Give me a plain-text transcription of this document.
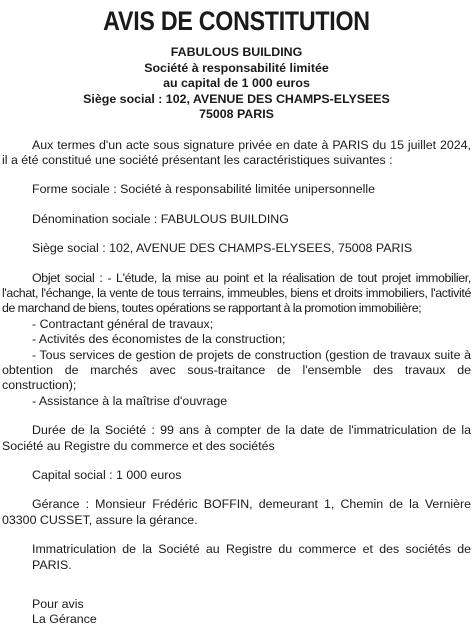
AVIS DE CONSTITUTION
FABULOUS BUILDING
Société à responsabilité limitée
au capital de 1 000 euros
Siège social : 102, AVENUE DES CHAMPS-ELYSEES
75008 PARIS

Aux termes d'un acte sous signature privée en date à PARIS du 15 juillet 2024, il a été constitué une société présentant les caractéristiques suivantes :

Forme sociale : Société à responsabilité limitée unipersonnelle

Dénomination sociale : FABULOUS BUILDING

Siège social : 102, AVENUE DES CHAMPS-ELYSEES, 75008 PARIS

Objet social : - L'étude, la mise au point et la réalisation de tout projet immobilier, l'achat, l'échange, la vente de tous terrains, immeubles, biens et droits immobiliers, l'activité de marchand de biens, toutes opérations se rapportant à la promotion immobilière;

- Contractant général de travaux;
- Activités des économistes de la construction;
- Tous services de gestion de projets de construction (gestion de travaux suite à obtention de marchés avec sous-traitance de l'ensemble des travaux de construction);
- Assistance à la maîtrise d'ouvrage

Durée de la Société : 99 ans à compter de la date de l'immatriculation de la Société au Registre du commerce et des sociétés

Capital social : 1 000 euros

Gérance : Monsieur Frédéric BOFFIN, demeurant 1, Chemin de la Vernière 03300 CUSSET, assure la gérance.

Immatriculation de la Société au Registre du commerce et des sociétés de PARIS.

Pour avis
La Gérance
